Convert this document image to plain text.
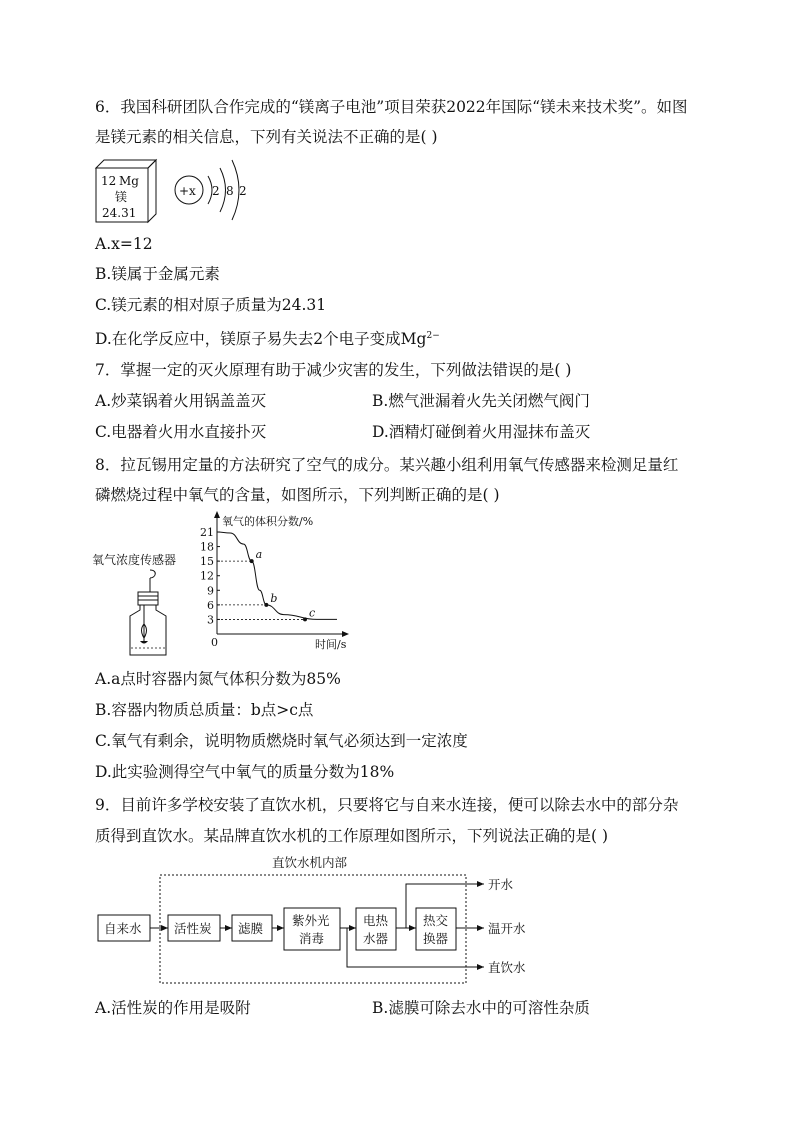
6．我国科研团队合作完成的“镁离子电池”项目荣获2022年国际“镁未来技术奖”。如图
是镁元素的相关信息，下列有关说法不正确的是( )
12 Mg
镁
24.31
+x 2 8 2
A.x=12
B.镁属于金属元素
C.镁元素的相对原子质量为24.31
D.在化学反应中，镁原子易失去2个电子变成$Mg^{2-}$
7．掌握一定的灭火原理有助于减少灾害的发生，下列做法错误的是( )
A.炒菜锅着火用锅盖盖灭	B.燃气泄漏着火先关闭燃气阀门
C.电器着火用水直接扑灭	D.酒精灯碰倒着火用湿抹布盖灭
8．拉瓦锡用定量的方法研究了空气的成分。某兴趣小组利用氧气传感器来检测足量红
磷燃烧过程中氧气的含量，如图所示，下列判断正确的是( )
氧气浓度传感器
氧气的体积分数/%
时间/s
0
21
18
15
12
9
6
3
a
b
c
A.a点时容器内氮气体积分数为85%
B.容器内物质总质量：b点>c点
C.氧气有剩余，说明物质燃烧时氧气必须达到一定浓度
D.此实验测得空气中氧气的质量分数为18%
9．目前许多学校安装了直饮水机，只要将它与自来水连接，便可以除去水中的部分杂
质得到直饮水。某品牌直饮水机的工作原理如图所示，下列说法正确的是( )
直饮水机内部
自来水	活性炭 滤膜
紫外光
消毒
电热
水器
热交
换器
开水
温开水
直饮水
A.活性炭的作用是吸附	B.滤膜可除去水中的可溶性杂质
